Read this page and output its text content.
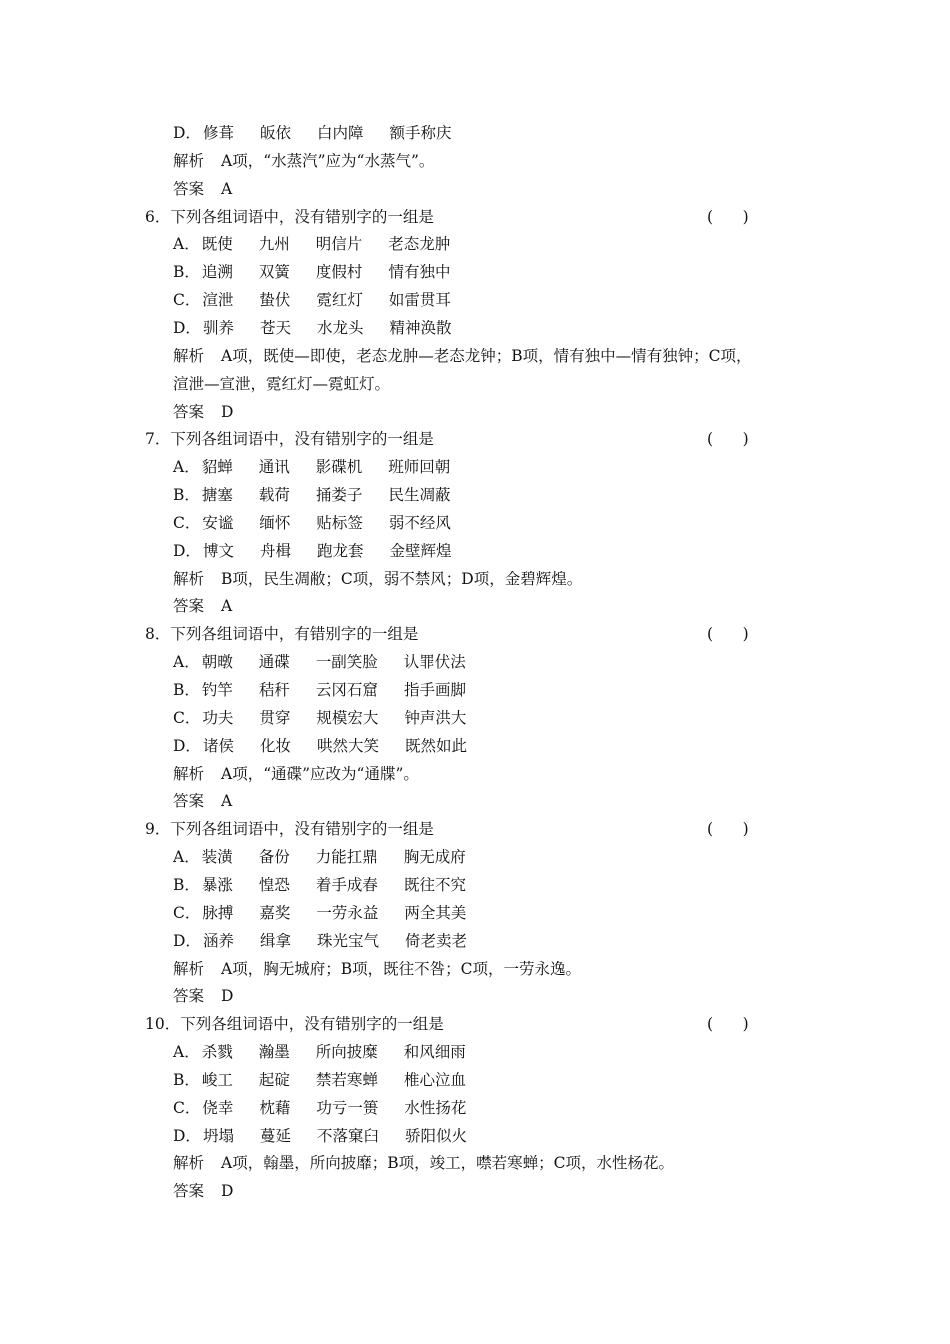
D． 修葺 皈依 白内障 额手称庆
解析 A项，“水蒸汽”应为“水蒸气”。
答案 A
6．下列各组词语中，没有错别字的一组是	(      )
A． 既使 九州 明信片 老态龙肿
B． 追溯 双簧 度假村 情有独中
C． 渲泄 蛰伏 霓红灯 如雷贯耳
D． 驯养 苍天 水龙头 精神涣散
解析 A项，既使—即使，老态龙肿—老态龙钟；B项，情有独中—情有独钟；C项，
渲泄—宣泄，霓红灯—霓虹灯。
答案 D
7．下列各组词语中，没有错别字的一组是	(      )
A． 貂蝉 通讯 影碟机 班师回朝
B． 搪塞 载荷 捅娄子 民生凋蔽
C． 安谧 缅怀 贴标签 弱不经风
D． 博文 舟楫 跑龙套 金壁辉煌
解析 B项，民生凋敝；C项，弱不禁风；D项，金碧辉煌。
答案 A
8．下列各组词语中，有错别字的一组是	(      )
A． 朝暾 通碟 一副笑脸 认罪伏法
B． 钓竿 秸秆 云冈石窟 指手画脚
C． 功夫 贯穿 规模宏大 钟声洪大
D． 诸侯 化妆 哄然大笑 既然如此
解析 A项，“通碟”应改为“通牒”。
答案 A
9．下列各组词语中，没有错别字的一组是	(      )
A． 装潢 备份 力能扛鼎 胸无成府
B． 暴涨 惶恐 着手成春 既往不究
C． 脉搏 嘉奖 一劳永益 两全其美
D． 涵养 缉拿 珠光宝气 倚老卖老
解析 A项，胸无城府；B项，既往不咎；C项，一劳永逸。
答案 D
10．下列各组词语中，没有错别字的一组是	(      )
A． 杀戮 瀚墨 所向披糜 和风细雨
B． 峻工 起碇 禁若寒蝉 椎心泣血
C． 侥幸 枕藉 功亏一篑 水性扬花
D． 坍塌 蔓延 不落窠臼 骄阳似火
解析 A项，翰墨，所向披靡；B项，竣工，噤若寒蝉；C项，水性杨花。
答案 D
